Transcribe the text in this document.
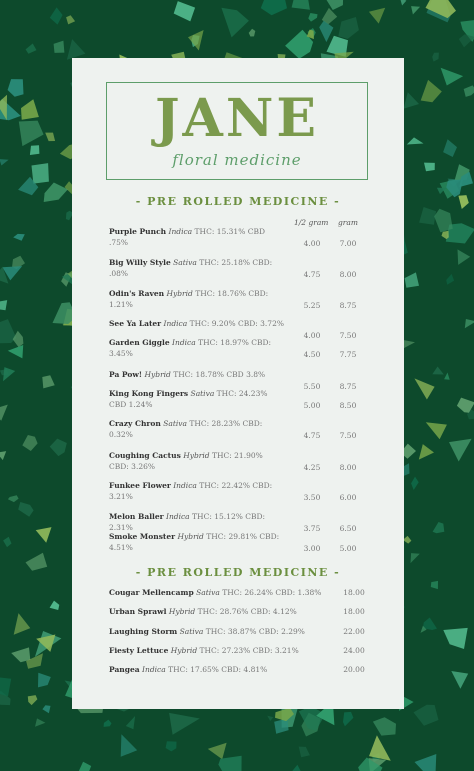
JANE
floral medicine
- PRE ROLLED MEDICINE -
1/2 gram gram
Purple Punch Indica THC: 15.31% CBD
.75%	4.00	7.00
Big Willy Style Sativa THC: 25.18% CBD:
.08%	4.75	8.00
Odin's Raven Hybrid THC: 18.76% CBD:
1.21%	5.25	8.75
See Ya Later Indica THC: 9.20% CBD: 3.72%
4.00	7.50
Garden Giggle Indica THC: 18.97% CBD:
3.45%	4.50	7.75
Pa Pow! Hybrid THC: 18.78% CBD 3.8%
5.50	8.75
King Kong Fingers Sativa THC: 24.23%
CBD 1.24%	5.00	8.50
Crazy Chron Sativa THC: 28.23% CBD:
0.32%	4.75	7.50
Coughing Cactus Hybrid THC: 21.90%
CBD: 3.26%	4.25	8.00
Funkee Flower Indica THC: 22.42% CBD:
3.21%	3.50	6.00
Melon Baller Indica THC: 15.12% CBD: 2.31%	3.75	6.50
Smoke Monster Hybrid THC: 29.81% CBD:
4.51%	3.00	5.00
- PRE ROLLED MEDICINE -
Cougar Mellencamp Sativa THC: 26.24% CBD: 1.38%	18.00
Urban Sprawl Hybrid THC: 28.76% CBD: 4.12%	18.00
Laughing Storm Sativa THC: 38.87% CBD: 2.29%	22.00
Fiesty Lettuce Hybrid THC: 27.23% CBD: 3.21%	24.00
Pangea Indica THC: 17.65% CBD: 4.81%	20.00
